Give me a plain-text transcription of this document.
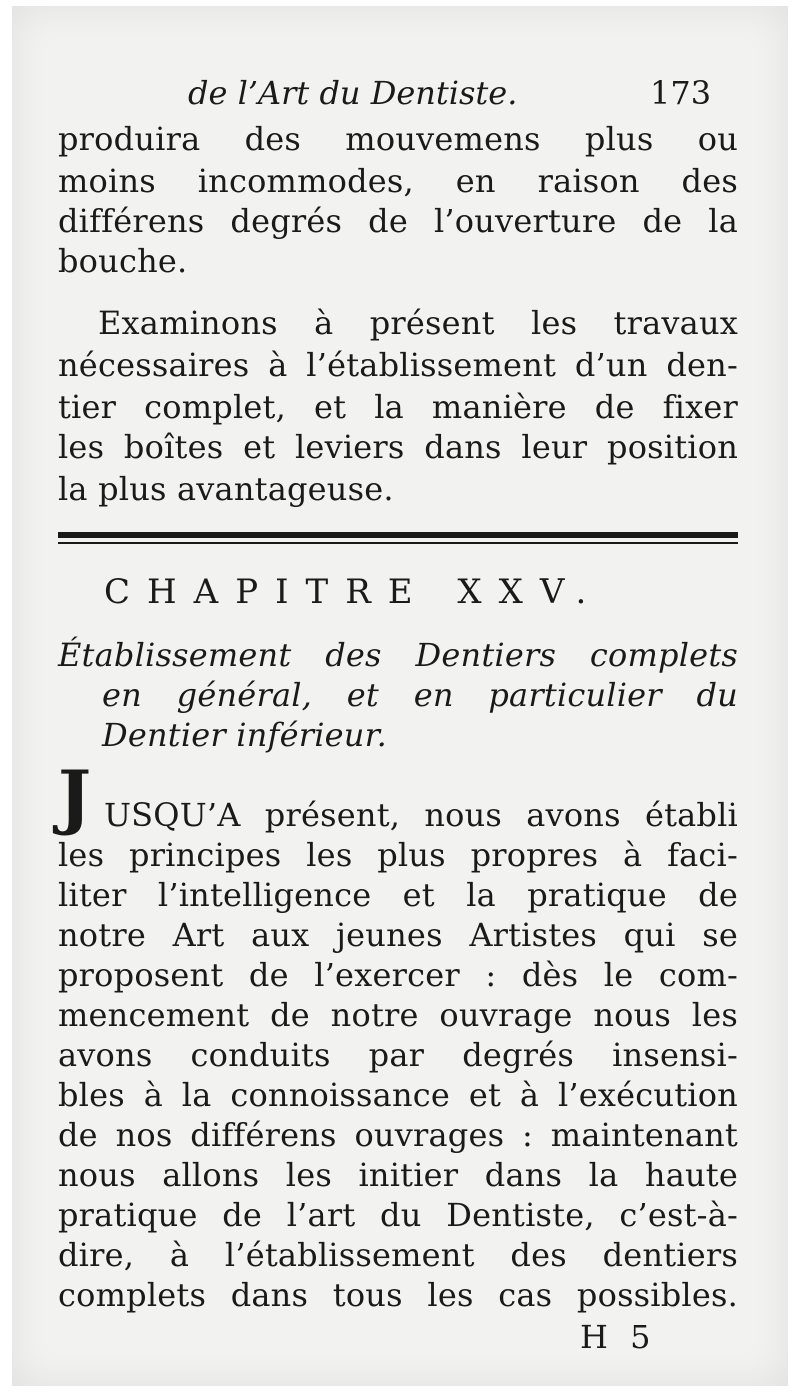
de l’Art du Dentiste.	173
produira des mouvemens plus ou
moins incommodes, en raison des
différens degrés de l’ouverture de la
bouche.
Examinons à présent les travaux
nécessaires à l’établissement d’un den-
tier complet, et la manière de fixer
les boîtes et leviers dans leur position
la plus avantageuse.
CHAPITRE XXV.
Établissement des Dentiers complets
en général, et en particulier du
Dentier inférieur.
J USQU’A présent, nous avons établi
les principes les plus propres à faci-
liter l’intelligence et la pratique de
notre Art aux jeunes Artistes qui se
proposent de l’exercer : dès le com-
mencement de notre ouvrage nous les
avons conduits par degrés insensi-
bles à la connoissance et à l’exécution
de nos différens ouvrages : maintenant
nous allons les initier dans la haute
pratique de l’art du Dentiste, c’est-à-
dire, à l’établissement des dentiers
complets dans tous les cas possibles.
H 5
